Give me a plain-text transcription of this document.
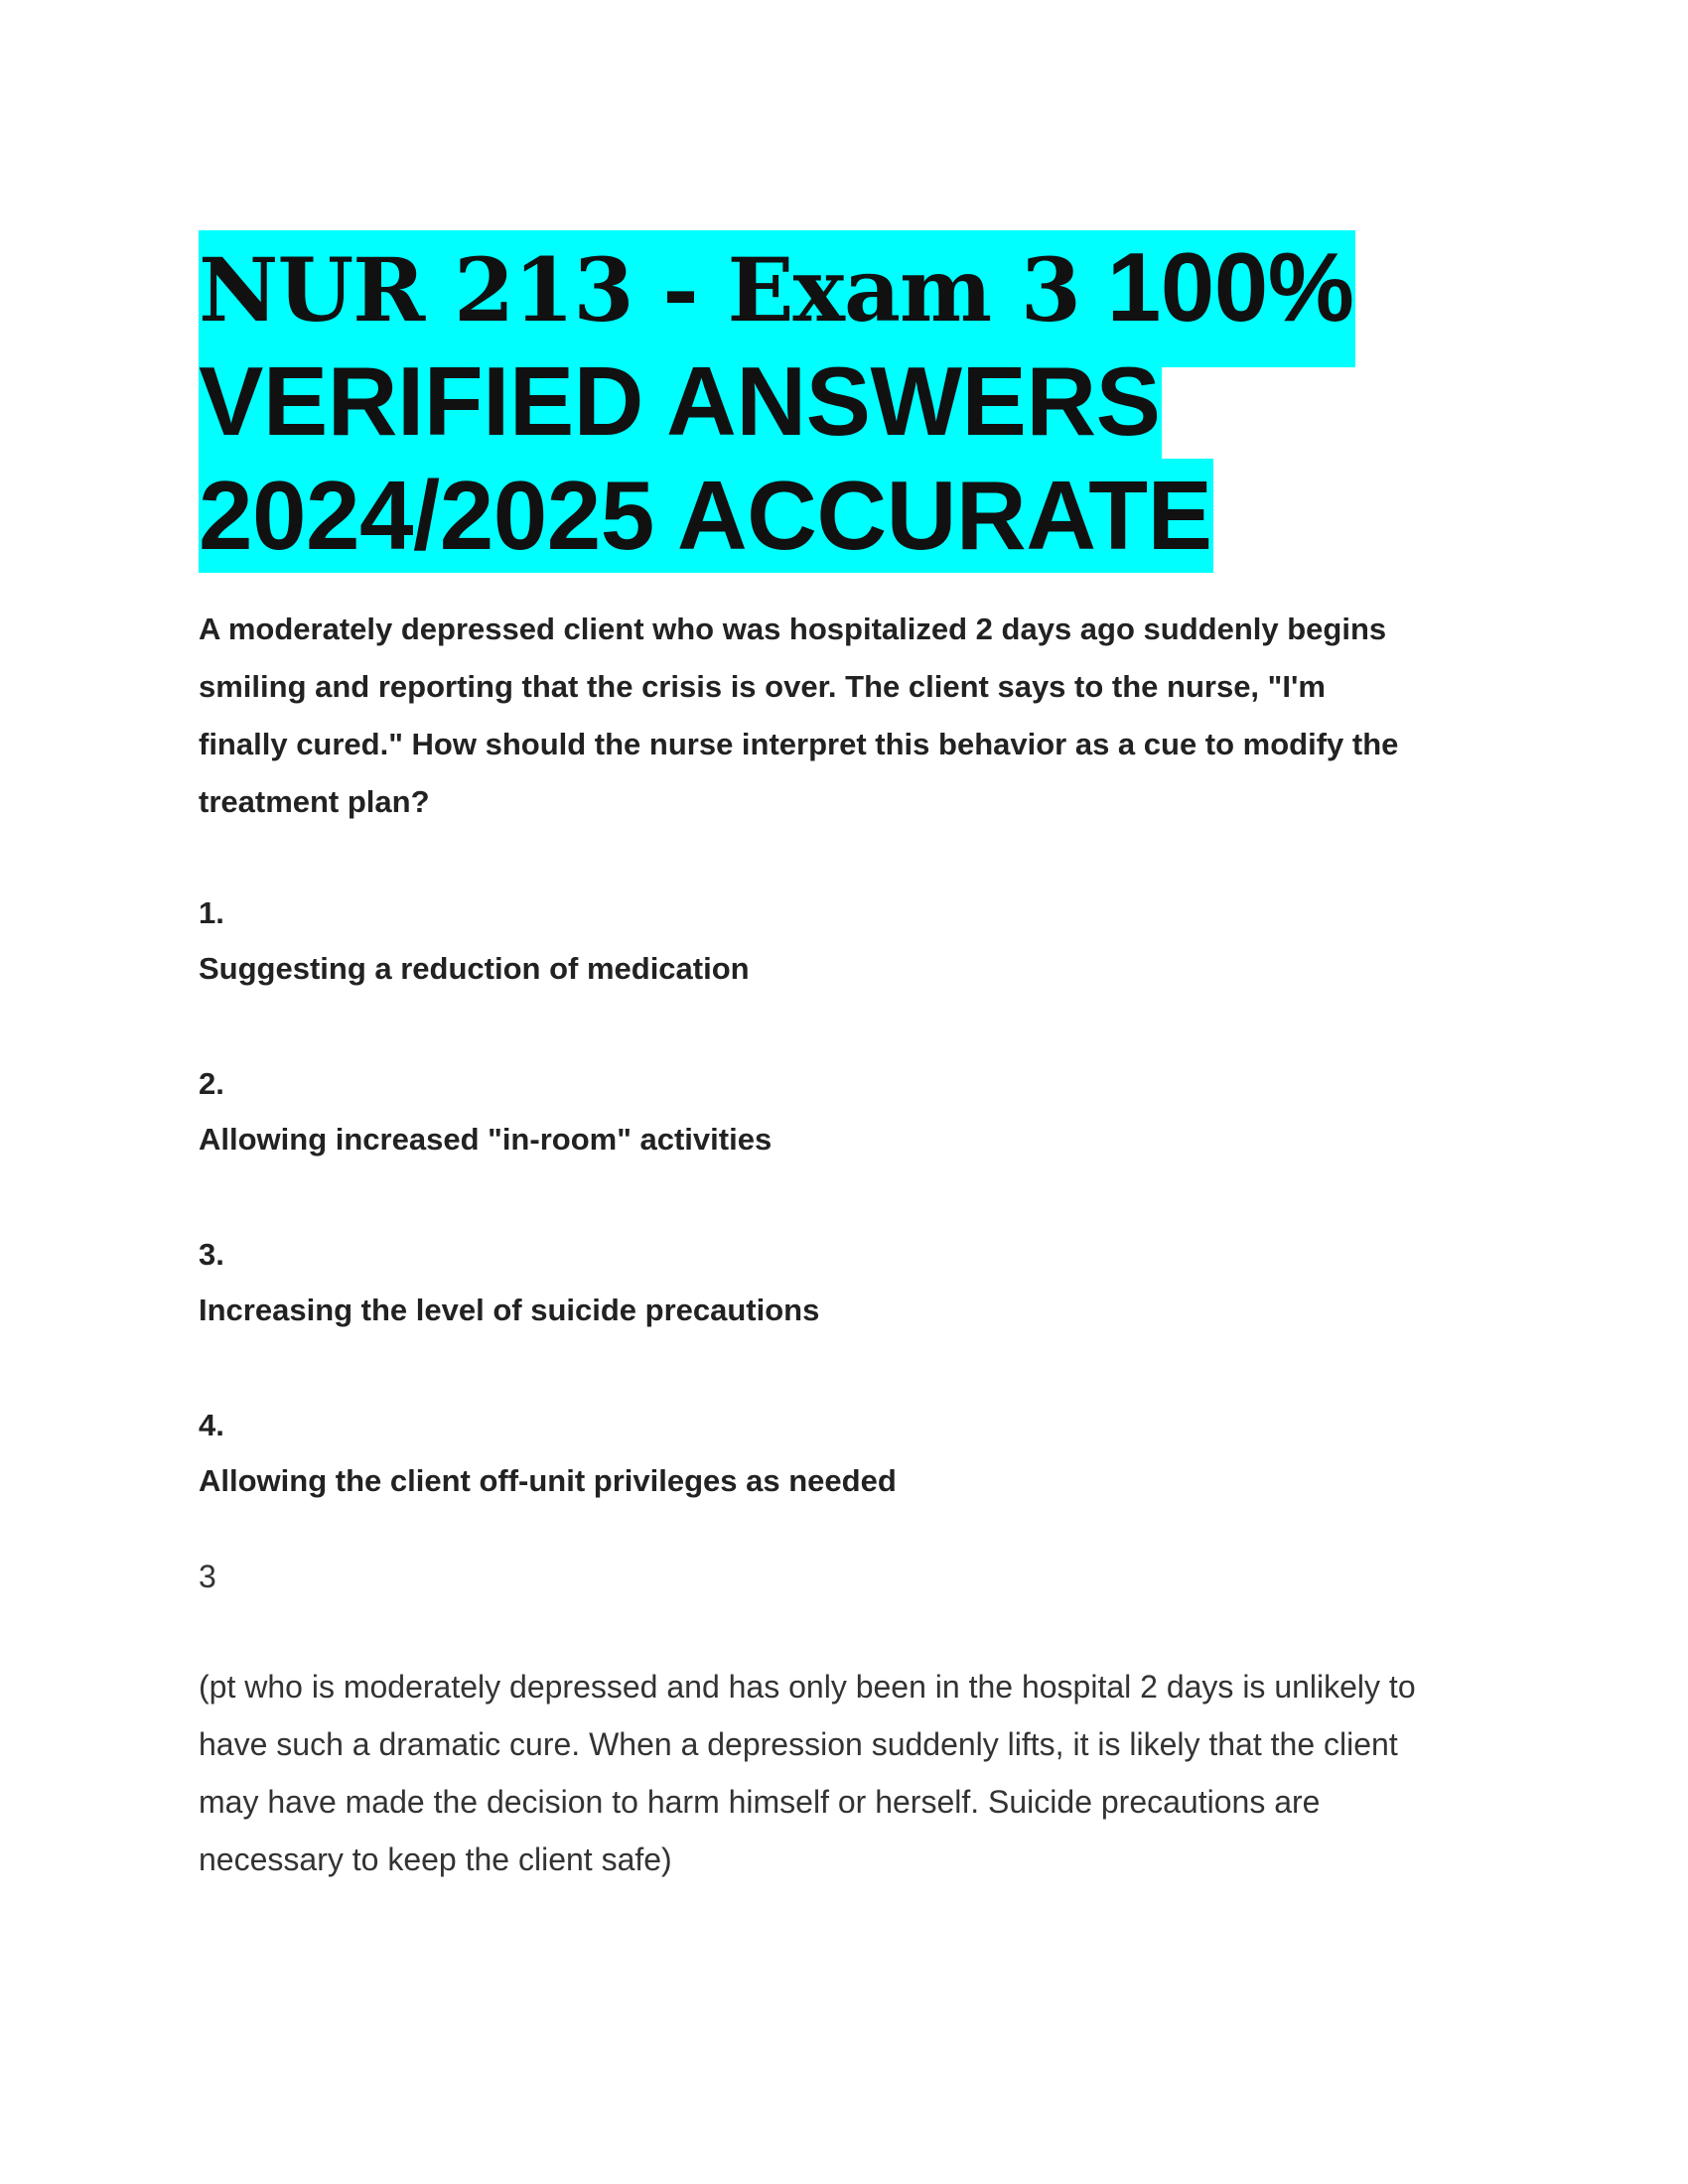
NUR 213 - Exam 3 100%
VERIFIED ANSWERS
2024/2025 ACCURATE

A moderately depressed client who was hospitalized 2 days ago suddenly begins
smiling and reporting that the crisis is over. The client says to the nurse, "I'm
finally cured." How should the nurse interpret this behavior as a cue to modify the
treatment plan?

1.
Suggesting a reduction of medication
2.
Allowing increased "in-room" activities
3.
Increasing the level of suicide precautions
4.
Allowing the client off-unit privileges as needed
3

(pt who is moderately depressed and has only been in the hospital 2 days is unlikely to
have such a dramatic cure. When a depression suddenly lifts, it is likely that the client
may have made the decision to harm himself or herself. Suicide precautions are
necessary to keep the client safe)
